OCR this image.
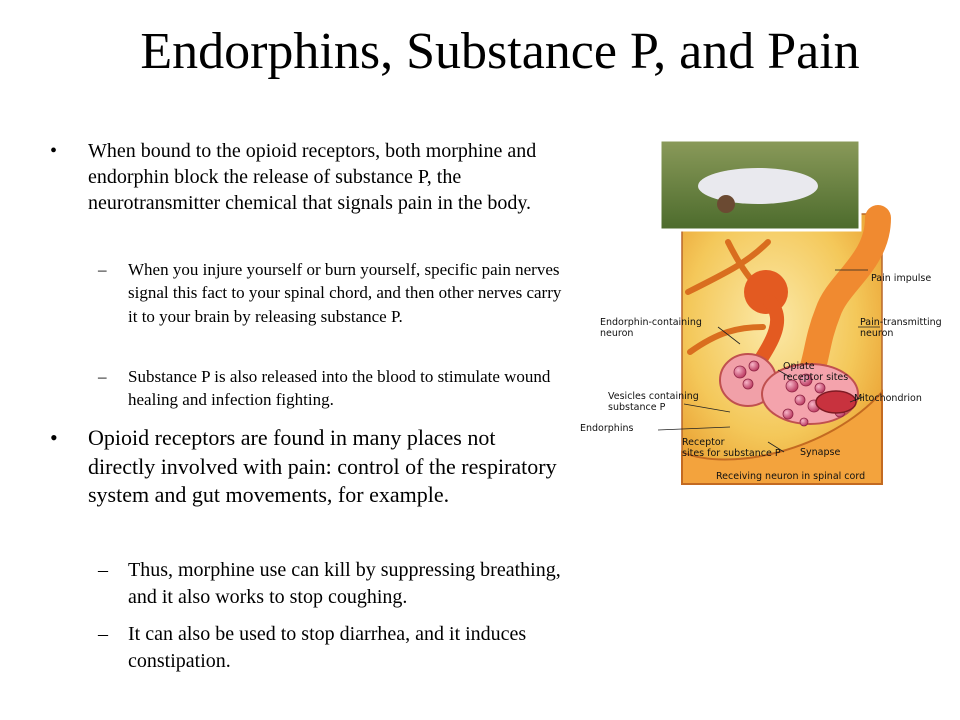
Endorphins, Substance P, and Pain
• When bound to the opioid receptors, both morphine and endorphin block the release of substance P, the neurotransmitter chemical that signals pain in the body.
– When you injure yourself or burn yourself, specific pain nerves signal this fact to your spinal chord, and then other nerves carry it to your brain by releasing substance P.
– Substance P is also released into the blood to stimulate wound healing and infection fighting.
• Opioid receptors are found in many places not directly involved with pain: control of the respiratory system and gut movements, for example.
– Thus, morphine use can kill by suppressing breathing, and it also works to stop coughing.
– It can also be used to stop diarrhea, and it induces constipation.
Pain impulse
Endorphin-containing
neuron
Pain-transmitting
neuron
Opiate
receptor sites
Vesicles containing
substance P
Mitochondrion
Endorphins
Receptor
sites for substance P Synapse
Receiving neuron in spinal cord
